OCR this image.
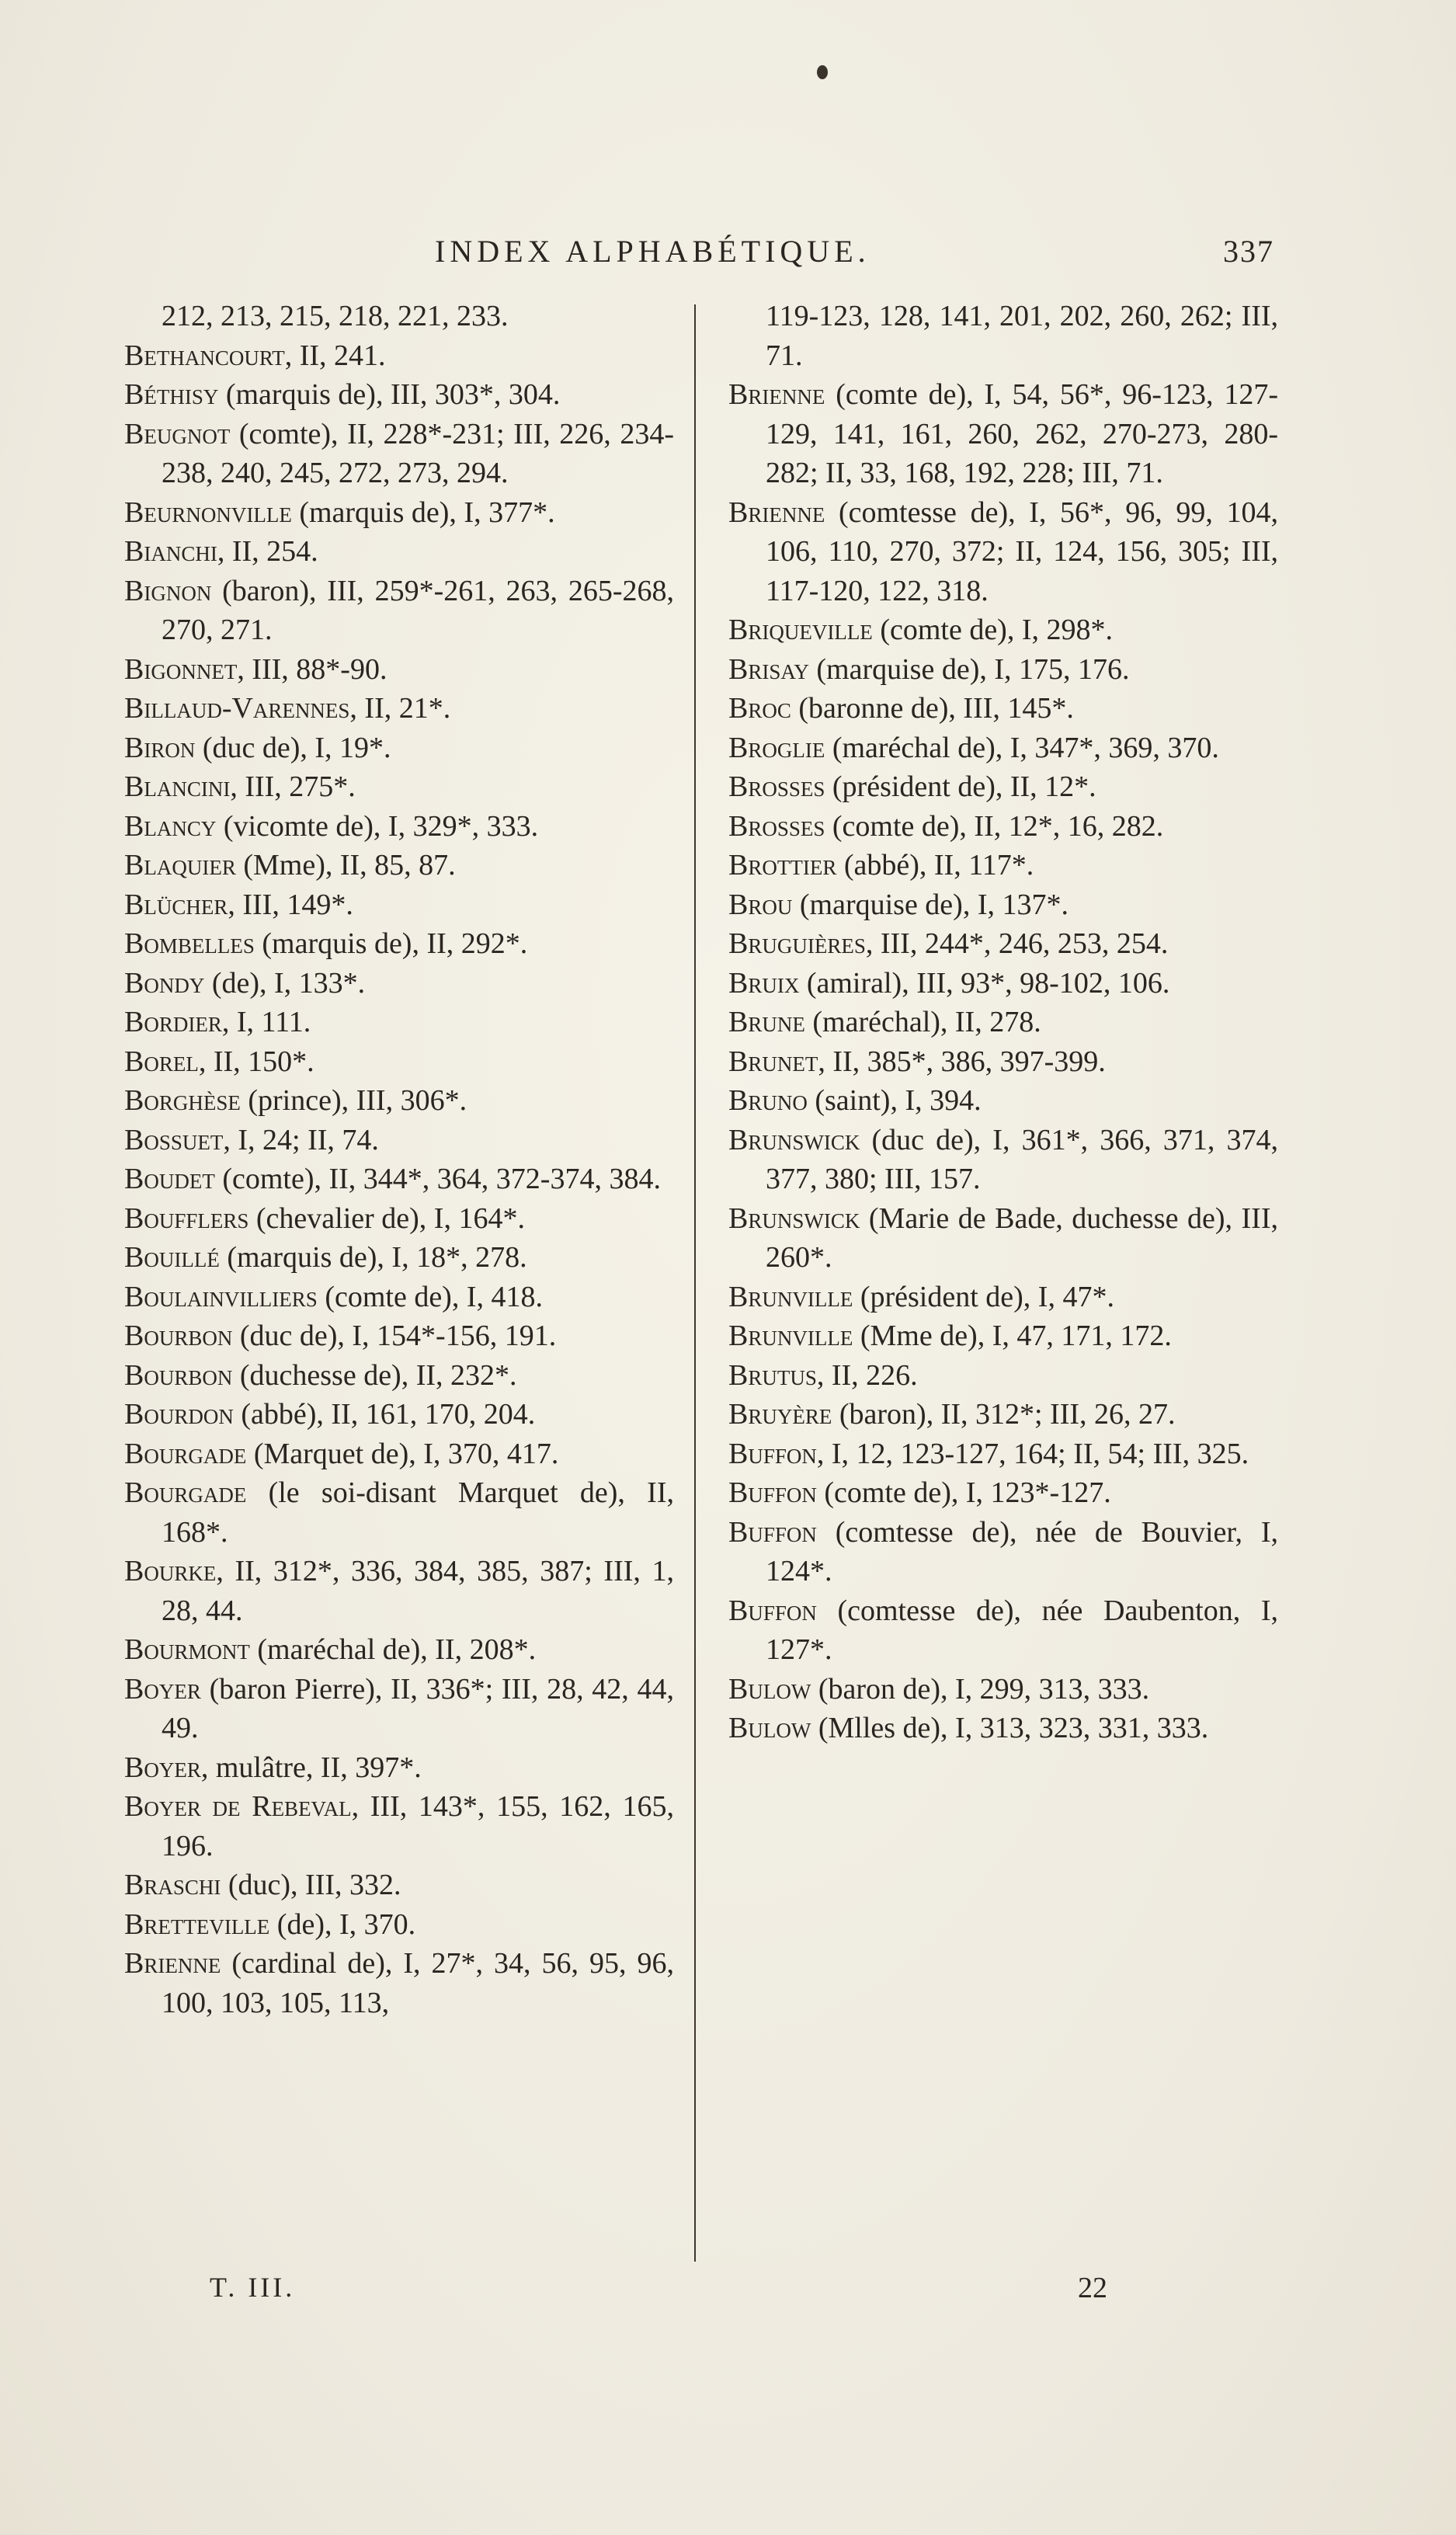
INDEX ALPHABÉTIQUE.	337

212, 213, 215, 218, 221, 233.

Bethancourt, II, 241.

Béthisy (marquis de), III, 303*, 304.

Beugnot (comte), II, 228*-231; III, 226, 234-238, 240, 245, 272, 273, 294.

Beurnonville (marquis de), I, 377*.

Bianchi, II, 254.

Bignon (baron), III, 259*-261, 263, 265-268, 270, 271.

Bigonnet, III, 88*-90.

Billaud-Varennes, II, 21*.

Biron (duc de), I, 19*.

Blancini, III, 275*.

Blancy (vicomte de), I, 329*, 333.

Blaquier (Mme), II, 85, 87.

Blücher, III, 149*.

Bombelles (marquis de), II, 292*.

Bondy (de), I, 133*.

Bordier, I, 111.

Borel, II, 150*.

Borghèse (prince), III, 306*.

Bossuet, I, 24; II, 74.

Boudet (comte), II, 344*, 364, 372-374, 384.

Boufflers (chevalier de), I, 164*.

Bouillé (marquis de), I, 18*, 278.

Boulainvilliers (comte de), I, 418.

Bourbon (duc de), I, 154*-156, 191.

Bourbon (duchesse de), II, 232*.

Bourdon (abbé), II, 161, 170, 204.

Bourgade (Marquet de), I, 370, 417.

Bourgade (le soi-disant Marquet de), II, 168*.

Bourke, II, 312*, 336, 384, 385, 387; III, 1, 28, 44.

Bourmont (maréchal de), II, 208*.

Boyer (baron Pierre), II, 336*; III, 28, 42, 44, 49.

Boyer, mulâtre, II, 397*.

Boyer de Rebeval, III, 143*, 155, 162, 165, 196.

Braschi (duc), III, 332.

Bretteville (de), I, 370.

Brienne (cardinal de), I, 27*, 34, 56, 95, 96, 100, 103, 105, 113,

119-123, 128, 141, 201, 202, 260, 262; III, 71.

Brienne (comte de), I, 54, 56*, 96-123, 127-129, 141, 161, 260, 262, 270-273, 280-282; II, 33, 168, 192, 228; III, 71.

Brienne (comtesse de), I, 56*, 96, 99, 104, 106, 110, 270, 372; II, 124, 156, 305; III, 117-120, 122, 318.

Briqueville (comte de), I, 298*.

Brisay (marquise de), I, 175, 176.

Broc (baronne de), III, 145*.

Broglie (maréchal de), I, 347*, 369, 370.

Brosses (président de), II, 12*.

Brosses (comte de), II, 12*, 16, 282.

Brottier (abbé), II, 117*.

Brou (marquise de), I, 137*.

Bruguières, III, 244*, 246, 253, 254.

Bruix (amiral), III, 93*, 98-102, 106.

Brune (maréchal), II, 278.

Brunet, II, 385*, 386, 397-399.

Bruno (saint), I, 394.

Brunswick (duc de), I, 361*, 366, 371, 374, 377, 380; III, 157.

Brunswick (Marie de Bade, duchesse de), III, 260*.

Brunville (président de), I, 47*.

Brunville (Mme de), I, 47, 171, 172.

Brutus, II, 226.

Bruyère (baron), II, 312*; III, 26, 27.

Buffon, I, 12, 123-127, 164; II, 54; III, 325.

Buffon (comte de), I, 123*-127.

Buffon (comtesse de), née de Bouvier, I, 124*.

Buffon (comtesse de), née Daubenton, I, 127*.

Bulow (baron de), I, 299, 313, 333.

Bulow (Mlles de), I, 313, 323, 331, 333.

T. III.	22
